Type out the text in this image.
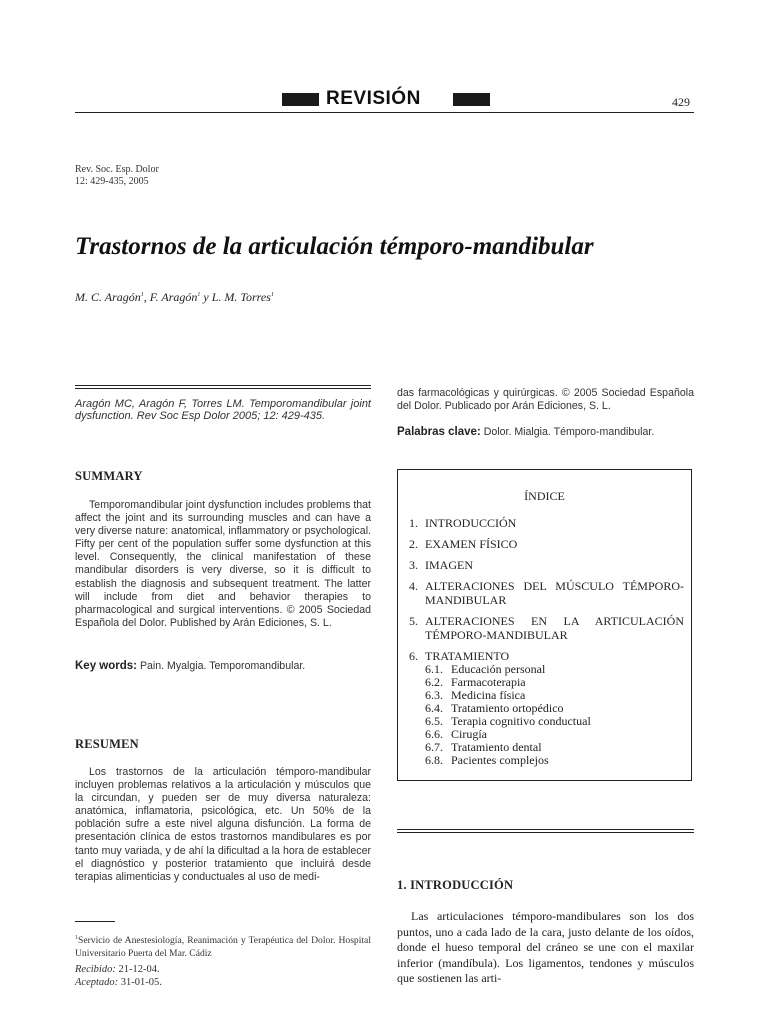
REVISIÓN	429
Rev. Soc. Esp. Dolor
12: 429-435, 2005
Trastornos de la articulación témporo-mandibular
M. C. Aragón$^1$, F. Aragón$^1$ y L. M. Torres$^1$
Aragón MC, Aragón F, Torres LM. Temporomandibular joint dysfunction. Rev Soc Esp Dolor 2005; 12: 429-435.
SUMMARY
Temporomandibular joint dysfunction includes problems that affect the joint and its surrounding muscles and can have a very diverse nature: anatomical, inflammatory or psychological. Fifty per cent of the population suffer some dysfunction at this level. Consequently, the clinical manifestation of these mandibular disorders is very diverse, so it is difficult to establish the diagnosis and subsequent treatment. The latter will include from diet and behavior therapies to pharmacological and surgical interventions. © 2005 Sociedad Española del Dolor. Published by Arán Ediciones, S. L.
Key words: Pain. Myalgia. Temporomandibular.
RESUMEN
Los trastornos de la articulación témporo-mandibular incluyen problemas relativos a la articulación y músculos que la circundan, y pueden ser de muy diversa naturaleza: anatómica, inflamatoria, psicológica, etc. Un 50% de la población sufre a este nivel alguna disfunción. La forma de presentación clínica de estos trastornos mandibulares es por tanto muy variada, y de ahí la dificultad a la hora de establecer el diagnóstico y posterior tratamiento que incluirá desde terapias alimenticias y conductuales al uso de medi-
das farmacológicas y quirúrgicas. © 2005 Sociedad Española del Dolor. Publicado por Arán Ediciones, S. L.
Palabras clave: Dolor. Mialgia. Témporo-mandibular.
ÍNDICE
1. INTRODUCCIÓN
2. EXAMEN FÍSICO
3. IMAGEN
4. ALTERACIONES DEL MÚSCULO TÉMPORO-MANDIBULAR
5. ALTERACIONES EN LA ARTICULACIÓN TÉMPORO-MANDIBULAR
6. TRATAMIENTO
6.1. Educación personal
6.2. Farmacoterapia
6.3. Medicina física
6.4. Tratamiento ortopédico
6.5. Terapia cognitivo conductual
6.6. Cirugía
6.7. Tratamiento dental
6.8. Pacientes complejos
1. INTRODUCCIÓN
Las articulaciones témporo-mandibulares son los dos puntos, uno a cada lado de la cara, justo delante de los oídos, donde el hueso temporal del cráneo se une con el maxilar inferior (mandíbula). Los ligamentos, tendones y músculos que sostienen las arti-
$^1$Servicio de Anestesiología, Reanimación y Terapéutica del Dolor. Hospital Universitario Puerta del Mar. Cádiz
Recibido: 21-12-04.
Aceptado: 31-01-05.
